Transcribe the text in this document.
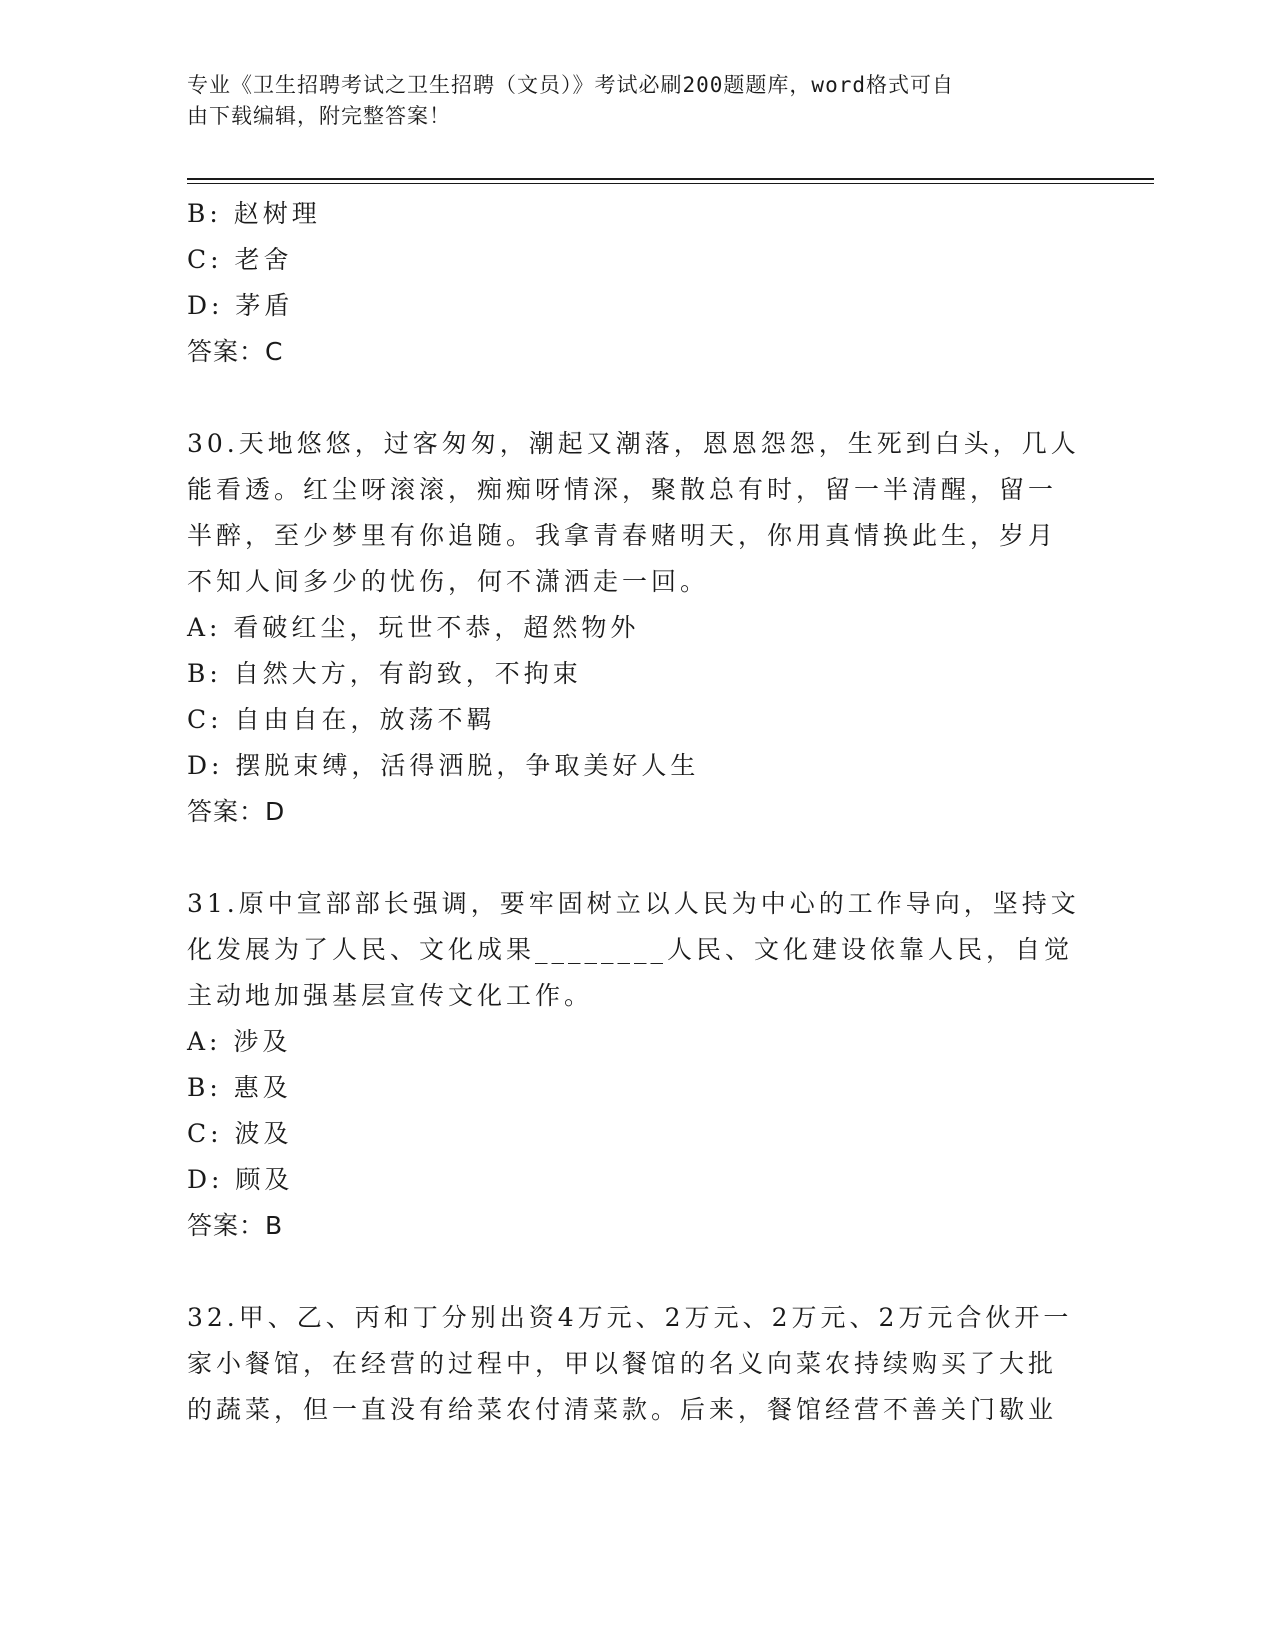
专业《卫生招聘考试之卫生招聘（文员）》考试必刷200题题库，word格式可自

由下载编辑，附完整答案！

B: 赵树理

C: 老舍

D: 茅盾

答案：C

30.天地悠悠，过客匆匆，潮起又潮落，恩恩怨怨，生死到白头，几人

能看透。红尘呀滚滚，痴痴呀情深，聚散总有时，留一半清醒，留一

半醉，至少梦里有你追随。我拿青春赌明天，你用真情换此生，岁月

不知人间多少的忧伤，何不潇洒走一回。

A: 看破红尘，玩世不恭，超然物外

B: 自然大方，有韵致，不拘束

C: 自由自在，放荡不羁

D: 摆脱束缚，活得洒脱，争取美好人生

答案：D

31.原中宣部部长强调，要牢固树立以人民为中心的工作导向，坚持文

化发展为了人民、文化成果________人民、文化建设依靠人民，自觉

主动地加强基层宣传文化工作。

A: 涉及

B: 惠及

C: 波及

D: 顾及

答案：B

32.甲、乙、丙和丁分别出资4万元、2万元、2万元、2万元合伙开一

家小餐馆，在经营的过程中，甲以餐馆的名义向菜农持续购买了大批

的蔬菜，但一直没有给菜农付清菜款。后来，餐馆经营不善关门歇业
